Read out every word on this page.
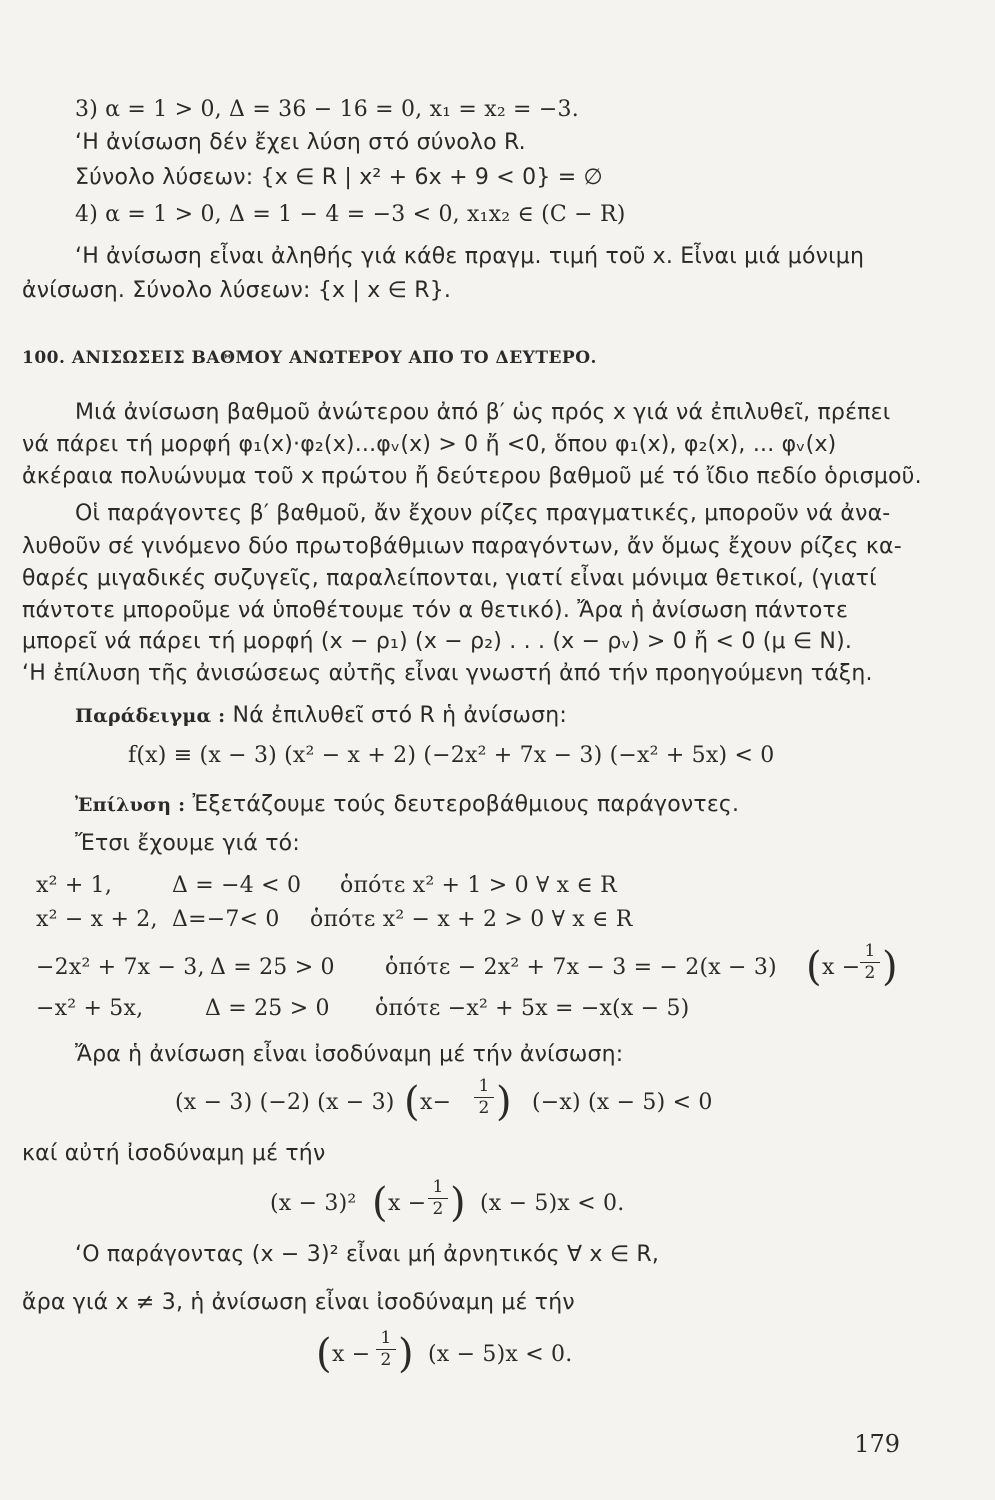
3) α = 1 > 0, Δ = 36 − 16 = 0, x₁ = x₂ = −3.
‘Η ἀνίσωση δέν ἔχει λύση στό σύνολο R.
Σύνολο λύσεων: {x ∈ R | x² + 6x + 9 < 0} = ∅
4) α = 1 > 0, Δ = 1 − 4 = −3 < 0, x₁x₂ ∈ (C − R)
‘Η ἀνίσωση εἶναι ἀληθής γιά κάθε πραγμ. τιμή τοῦ x. Εἶναι μιά μόνιμη
ἀνίσωση. Σύνολο λύσεων: {x | x ∈ R}.
100. ΑΝΙΣΩΣΕΙΣ ΒΑΘΜΟΥ ΑΝΩΤΕΡΟΥ ΑΠΟ ΤΟ ΔΕΥΤΕΡΟ.
Μιά ἀνίσωση βαθμοῦ ἀνώτερου ἀπό β′ ὡς πρός x γιά νά ἐπιλυθεῖ, πρέπει
νά πάρει τή μορφή φ₁(x)·φ₂(x)...φᵥ(x) > 0 ἤ <0, ὅπου φ₁(x), φ₂(x), ... φᵥ(x)
ἀκέραια πολυώνυμα τοῦ x πρώτου ἤ δεύτερου βαθμοῦ μέ τό ἴδιο πεδίο ὁρισμοῦ.
Οἱ παράγοντες β′ βαθμοῦ, ἄν ἔχουν ρίζες πραγματικές, μποροῦν νά ἀνα-
λυθοῦν σέ γινόμενο δύο πρωτοβάθμιων παραγόντων, ἄν ὅμως ἔχουν ρίζες κα-
θαρές μιγαδικές συζυγεῖς, παραλείπονται, γιατί εἶναι μόνιμα θετικοί, (γιατί
πάντοτε μποροῦμε νά ὑποθέτουμε τόν α θετικό). Ἄρα ἡ ἀνίσωση πάντοτε
μπορεῖ νά πάρει τή μορφή (x − ρ₁) (x − ρ₂) . . . (x − ρᵥ) > 0 ἤ < 0 (μ ∈ N).
‘Η ἐπίλυση τῆς ἀνισώσεως αὐτῆς εἶναι γνωστή ἀπό τήν προηγούμενη τάξη.
Παράδειγμα : Νά ἐπιλυθεῖ στό R ἡ ἀνίσωση:
f(x) ≡ (x − 3) (x² − x + 2) (−2x² + 7x − 3) (−x² + 5x) < 0
Ἐπίλυση : Ἐξετάζουμε τούς δευτεροβάθμιους παράγοντες.
Ἔτσι ἔχουμε γιά τό:
x² + 1,	Δ = −4 < 0 ὁπότε x² + 1 > 0 ∀ x ∈ R
x² − x + 2, Δ=−7< 0 ὁπότε x² − x + 2 > 0 ∀ x ∈ R
−2x² + 7x − 3, Δ = 25 > 0 ὁπότε − 2x² + 7x − 3 = − 2(x − 3) ( x −
1
2 )
−x² + 5x,	Δ = 25 > 0 ὁπότε −x² + 5x = −x(x − 5)
Ἄρα ἡ ἀνίσωση εἶναι ἰσοδύναμη μέ τήν ἀνίσωση:
(x − 3) (−2) (x − 3) ( x−
1
2 ) (−x) (x − 5) < 0
καί αὐτή ἰσοδύναμη μέ τήν
(x − 3)² ( x −
1
2 ) (x − 5)x < 0.
‘Ο παράγοντας (x − 3)² εἶναι μή ἀρνητικός ∀ x ∈ R,
ἄρα γιά x ≠ 3, ἡ ἀνίσωση εἶναι ἰσοδύναμη μέ τήν
( x −
1
2 ) (x − 5)x < 0.
179
